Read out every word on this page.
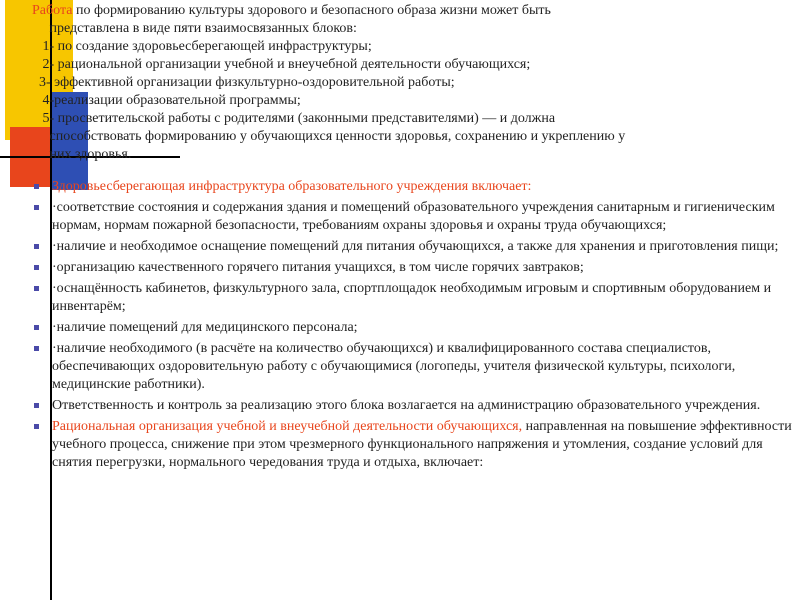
Работа по формированию культуры здорового и безопасного образа жизни может быть
представлена в виде пяти взаимосвязанных блоков:
1- по создание здоровьесберегающей инфраструктуры;
2- рациональной организации учебной и внеучебной деятельности обучающихся;
3- эффективной организации физкультурно-оздоровительной работы;
4-реализации образовательной программы;
5- просветительской работы с родителями (законными представителями) — и должна
способствовать формированию у обучающихся ценности здоровья, сохранению и укреплению у
них здоровья.
Здоровьесберегающая инфраструктура образовательного учреждения включает:
·соответствие состояния и содержания здания и помещений образовательного учреждения санитарным и гигиеническим нормам, нормам пожарной безопасности, требованиям охраны здоровья и охраны труда обучающихся;
·наличие и необходимое оснащение помещений для питания обучающихся, а также для хранения и приготовления пищи;
·организацию качественного горячего питания учащихся, в том числе горячих завтраков;
·оснащённость кабинетов, физкультурного зала, спортплощадок необходимым игровым и спортивным оборудованием и инвентарём;
·наличие помещений для медицинского персонала;
·наличие необходимого (в расчёте на количество обучающихся) и квалифицированного состава специалистов, обеспечивающих оздоровительную работу с обучающимися (логопеды, учителя физической культуры, психологи, медицинские работники).
Ответственность и контроль за реализацию этого блока возлагается на администрацию образовательного учреждения.
Рациональная организация учебной и внеучебной деятельности обучающихся, направленная на повышение эффективности учебного процесса, снижение при этом чрезмерного функционального напряжения и утомления, создание условий для снятия перегрузки, нормального чередования труда и отдыха, включает:
